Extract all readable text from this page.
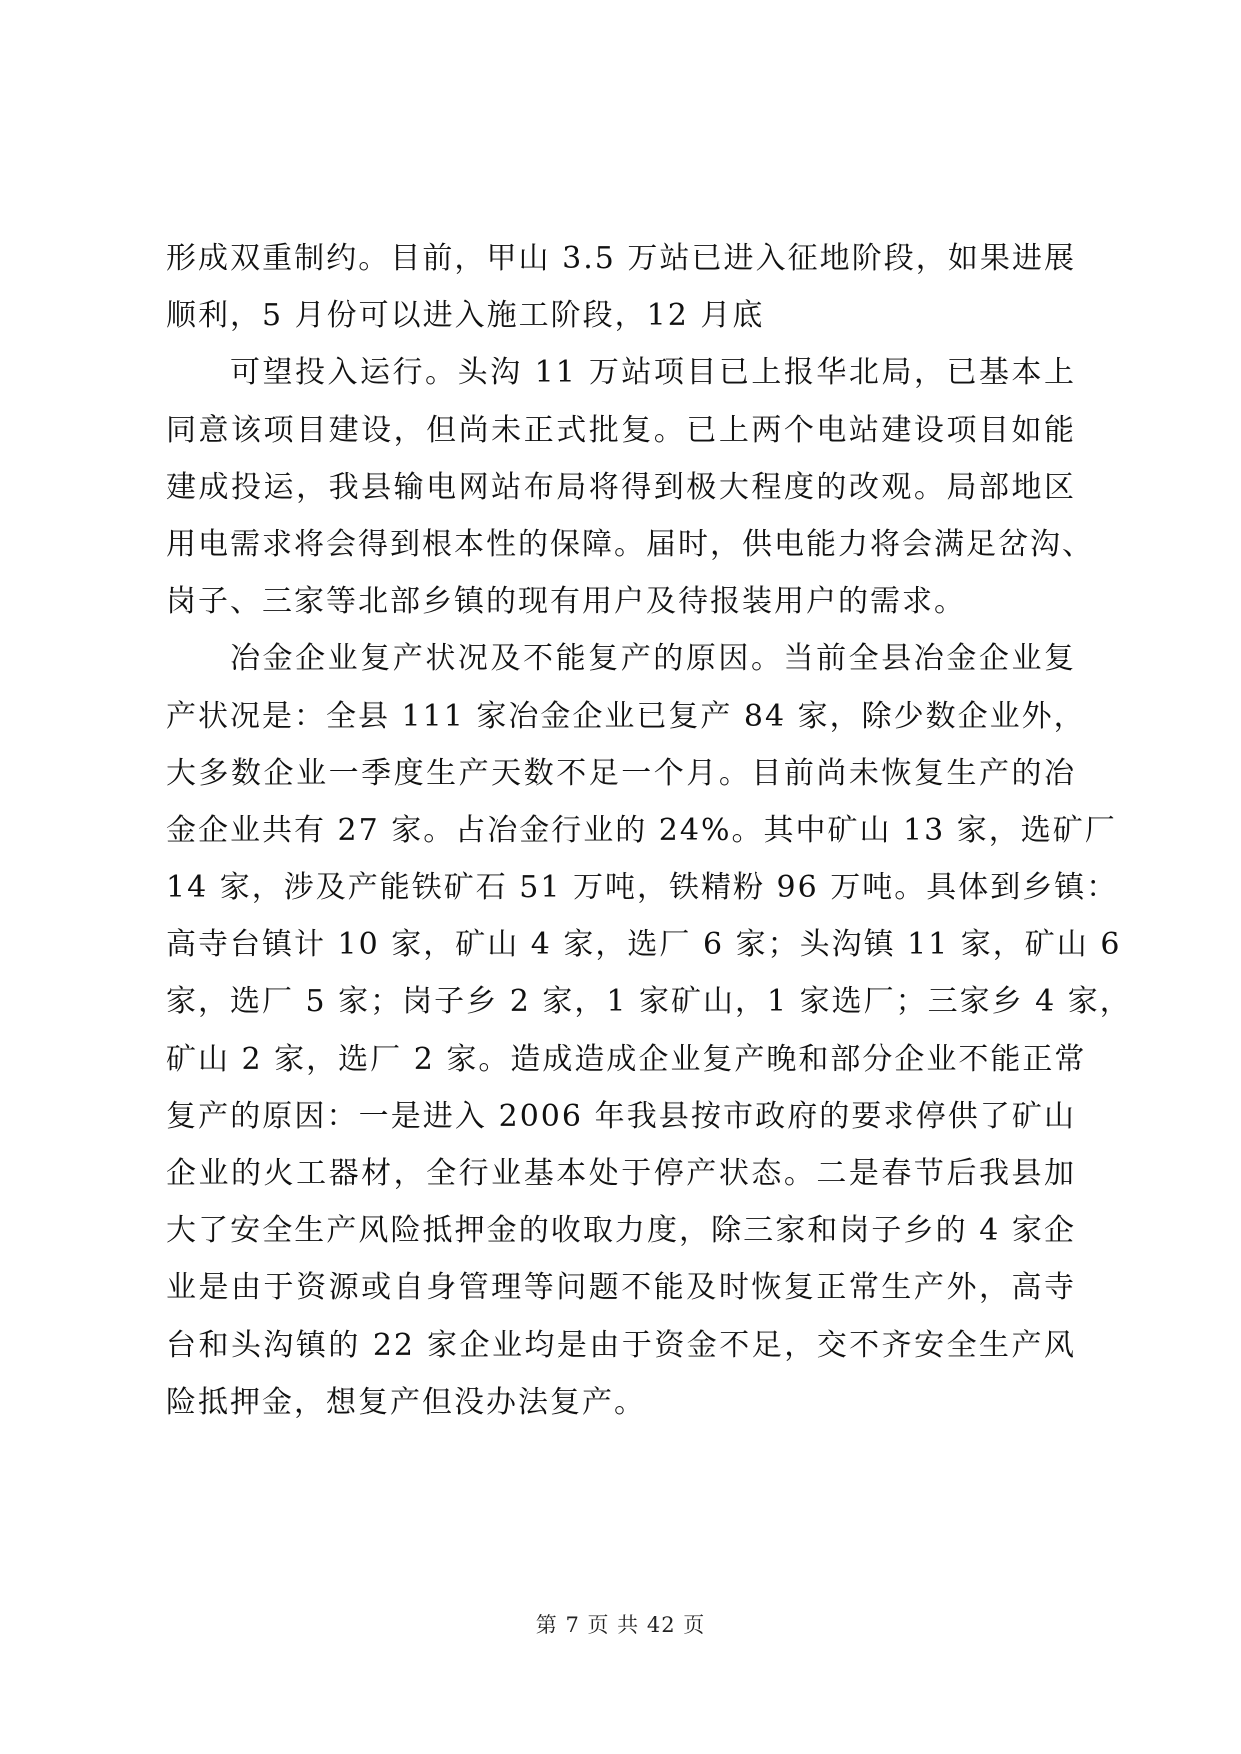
形成双重制约。目前，甲山 3.5 万站已进入征地阶段，如果进展
顺利，5 月份可以进入施工阶段，12 月底
可望投入运行。头沟 11 万站项目已上报华北局，已基本上
同意该项目建设，但尚未正式批复。已上两个电站建设项目如能
建成投运，我县输电网站布局将得到极大程度的改观。局部地区
用电需求将会得到根本性的保障。届时，供电能力将会满足岔沟、
岗子、三家等北部乡镇的现有用户及待报装用户的需求。
冶金企业复产状况及不能复产的原因。当前全县冶金企业复
产状况是：全县 111 家冶金企业已复产 84 家，除少数企业外，
大多数企业一季度生产天数不足一个月。目前尚未恢复生产的冶
金企业共有 27 家。占冶金行业的 24%。其中矿山 13 家，选矿厂
14 家，涉及产能铁矿石 51 万吨，铁精粉 96 万吨。具体到乡镇：
高寺台镇计 10 家，矿山 4 家，选厂 6 家；头沟镇 11 家，矿山 6
家，选厂 5 家；岗子乡 2 家，1 家矿山，1 家选厂；三家乡 4 家，
矿山 2 家，选厂 2 家。造成造成企业复产晚和部分企业不能正常
复产的原因：一是进入 2006 年我县按市政府的要求停供了矿山
企业的火工器材，全行业基本处于停产状态。二是春节后我县加
大了安全生产风险抵押金的收取力度，除三家和岗子乡的 4 家企
业是由于资源或自身管理等问题不能及时恢复正常生产外，高寺
台和头沟镇的 22 家企业均是由于资金不足，交不齐安全生产风
险抵押金，想复产但没办法复产。
第 7 页 共 42 页
